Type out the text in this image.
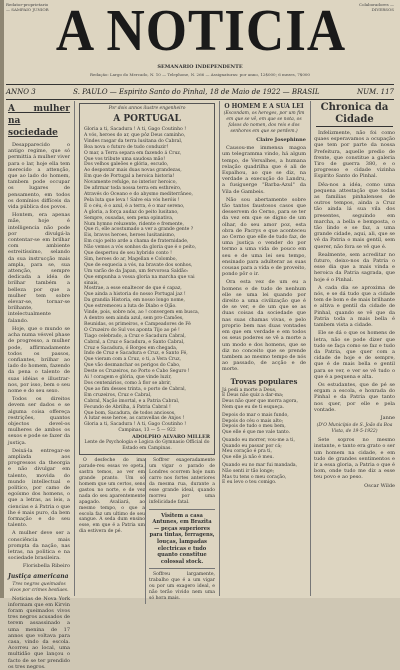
Redator-proprietario — SAMPAIO JUNIOR A NOTICIA	Colaboradores — DIVERSOS
SEMANARIO INDEPENDENTE
Redação: Largo do Mercado, N. 10 — Telephone, N. 266 — Assignaturas: por anno, 12$000; 6 mezes, 7$000
ANNO 3	S. PAULO — Espirito Santo do Pinhal, 18 de Maio de 1922 — BRASIL	NUM. 117
A mulher na sociedade

Desapparecido o antigo regime, que só permittia á mulher viver para o lar, hoje ella tem merecido a attenção, que ao lado do homem, tambem pode occupar os lugares de pensamento, em todos os domínios diffíceis da vida pública dos povos.

Hontem, era apenas mãe, hoje é intelligencia não pode por divulgá-la contentar-se em brilhar com ambiente estreitíssimo, selando da sua instrucção mais ampla, para se, sua attenção, sempre dedicada a idéa de brilhar também a belleza por que a mulher tem sobre elevar-se, tornar-se brilhante, intelectualmente falando.

Hoje, que o mundo se acha numa vésvel phase de progresso, a mulher pode, affirmadamente todos os passos, confiantes, brilhar ao lado do homem, fazendo da pena o talento de suas idéias e illustrar-nos, por isso, bem o seu nome e do seu sexo.

Todos os direitos devem ser dados e se alguma coisa offereça restrições, quantos objectos devel-os mulheres de ambos os sexos e pode se fazer da justiça.

Deixá-la entregar-se ampliada aos progressos da theorgia e não divulgar em talento, movida do mundo intellectual e político, por camo de egoísmo dos homens, o que a letras, as leis, a ciencias e á Patria o que lhe é mais puro, da bem formação e do seu talento.

A mulher deve ser a consciência mais prompta da nação, nas letras, na politica e na sociedade brasileira.

Florisbella Ribeiro
Justiça americana
Tres negros queimados vivos por crimes bestiaes.

Noticias de Nova York informam que em Kirvin foram queimados vivos tres negros acusados de terem assassinado a uma menina de 17 annos que voltava para casa, vindo da escola. Acorreu ao local, uma multidão que lançou o facto de se ter prendido os tres negros.

Por dois annos ilustre engenheiro
A PORTUGAL
Gloria a ti, Sacadura ! A ti, Gago Coutinho !
A vós, heroes do ar, que pôz Deus caminho,
Vindes rasgar da terra lusitana do Cabral,
Boa nova o futuro de tudo conduzir!
O mar, a Terra separa em fazendo á Cruz,
Que vos tribute uma saudosa mão!
Dos velhos galeões e glória, escudo,
Ao despontar mais duas novas grandezas,
Em que de Portugal a heroica historia!
Novamente refulge, no interior heroico,
De afirmar toda nossa terra em esthreiro,
Através do Oceano e do abysmo mediterrâneo,
Pela luta que leva ! Salve eia vós heróis !
É o céu, é o azul, é a terra, é o mar sereno,
A gloria, a força audaz do peito lusitano,
Sempre, ousadas, sem pena opinativa,
Num hymno reluzente, ridente e fremente,
Que ri, elle acostumado a ver a grande gente ?
Eis, bravos heroes, heroes lusitanismo,
Em cujo peito arde a chama de fraternidade,
Não vemos a vós sonhos da gloria que é o peito,
Que despertou de seu hybrido conto !
Sim, heroes do ar, Magellan e Colombo,
Que de esquecia a vós, na bravate dos sonhos,
Um varão de da Japan, um fervorosa Saldão:
Que empunha a vossa gloria na marcha que vai sinais,
Mostrae, a esse enaltecer de que é capaz,
Que ainda a historia do nosso Portugal jaz !
Da grandia Historia, em nosso longo nome,
Que estremeceu a luta de Diabo e Ojão.
Vinde, pois, sobre nós, ao ! convergem em busca,
A dentro sem ainda azul, sem pro-Camões,
Reunidas, os primeiros, e Campeadores de Fé
O Cruzeiro do Sul vos aponta Tijo ao pé !
Tiago celebrado, a Cruz e Sacadura Cabral,
Cabral, a Cruz e Sacadura, e Santo Cabral,
Cruz e Sacadura, ó Borges em chegada,
Indo de Cruz e Sacadura e Cruz, e Santo Fé,
Que vieram com a Cruz, o ti, a Vera Cruz,
Que vão desmanchar os perigos do Cabo,
Deste os Cruzeiros, no Porto e Cabo Seguro !
Ai ! coragem e glória, que vinde luzir,
Dos centenários, como à flor se abrir,
Que ao fim desses trinta, o porto de Cabral,
Em cruzeiros, Cruz e Cabral,
Cabral, Nação imortal, e a Patria Cabral,
Fecundo de Abrilha, á Patria Cabral !
Que bom, Sacadura, de todos anciosos,
A lutar esse heroe, as caravellas de Anjos !
Gloria a ti, Sacadura ! A ti, Gago Coutinho !
Campinas, 13 — 5 — 922
ADOLPHO ALVARO MILLER
Lente de Psychologia e Logica do Gymnasio Official do Estado em Campinas.

O desfeche do ima parade-reu essas ve opeta, sastra temos, ao ver em grande pranto. Um só homem que um certos, sens gastou no norte, e de vez nada do seu aparentemente apagado. Avaliará, ao mesmo tempo, o que a escola faz um ultimo de seu sangue. A seda dum ensino esse, em que é a Patria um dia estivera de pé.

Soffrer exageradamente um vigar o parado de Londres ocorrem hoje num carro nos fortes anteriores da mesma rua, durante a esse grande ideal, quando morreu por uma infelicidade fatal.

Visitem a casa Antunes, em Brazita — peças superiores para tintas, ferragens, louças, lampadas electricas e tudo quanto constitue colossal stock.

Soffreu largamente, trabalho que é a um vigar ou por um exagero ideal, e não terão vivido nem uma só hora mais.

O HOMEM E A SUA LEI
(Escondam, os hereges, por um fim em que se vê, em que se nota, os falsos do nomen, dos reis e dos senhores em que se perdem.)
Claire Josephinne

Causou-me immensa magoa um telegramma vindo, há algum tempo, de Versalhes, a humana relaçãо quadrilha que é ali de Espalhou, ao que se diz, na verdade a execução do Landru, a fusiguerge "Barba-Azul" da Vila de Gambeis.

Não sou abertamente sobre tão tantos faustosos casos que desservem do Cerno, para se ter da vez em que se digno de um olhar, do seu amor poz, esta obra de Pacrys e que aconteceu ao Cerno que elle de tudo faz, de uma justiça o vender do por termo a uma vida de pouco em seu e de uma lei seu tempo, ensinado para adulterar as suas cousas para a vida e de proveito, pondo pôr o ir.

Ora esta vez de um eu a homens e de tudo de nenhum elle se uma lei quando por direito a uma civilização que é de se ver, e de um que se as duas coisas da sociedade que nas suas chamas vivas, e pelo proprio bem nas duas vontades em que em verdade e em todos os seus poderes se vê a morte a um modo e dos homens, que se diz no conceito que se prende tambem ao mesmo tempo de nós ao passado, de acção e de morte.

Trovas populares
Já pedi a morte a Deus,
E Deus não quiz a dar-ma;
Deus não quer que morra agora,
Nem que eu de ti esqueça.
Depois do mar o mais fundo,
Depois do céu o mais alto;
Depois de tudo o meu bem,
Que elle é que me vale tanto.
Quando eu morrer, vou-me a ti,
Quando eu passar por cá;
Meu coração é pra ti,
Que elle já não é meu.
Quando eu no mar fui mandada,
Não senti ir tão longe;
Mas tu tens o meu coração,
E eu levo o teu comigo.
Chronica da Cidade

Infelizmente, não foi como quaes esperavamos a ocupação que tem por parte da nossa Prefeitura, aquelle predio de frente, que constitue a galeria Tiro de guerra 380, e o progresso e cidade vizinha Espirito Santo do Pinhal.

Dêa-nos a idéa, como uma pequena attestaçãо que todas as familias pinhalenses de outros tempos, ainda a Cruz tão ainda lá sua vila dos presentes, seguindo em marcha, a bella e bemposta, o tão lindo e se faz, a uma grande cidade, aqui, ali, que se vê da Patria o mais gentil, sem querer, não fora se vê que é.

Realmente, sem acreditar no futuro, deixo-nos da Patria o esse dia que a mais vinda e heroica da Patria sagrada, que hoje é o Pinhal.

A cada dia se aproxima de nós, e se dá tudo que a cidade tem de bom e de mais brilhante e altiva e gentil da cidade de Pinhal, quando se vê que da Patria toda a mais bella é tambem vista a cidade.

Ele se dá o que os homens de letra, não se pode dizer que tudo se faça como se faz e tudo da Patria, que quer com a cidade de hoje e de sempre, que é de mais bella e gentil para se ver, e ver se vê tudo o que é a pequena e alta.

Os estudantes, que de pé se ergam a escola, e honrada do Pinhal e da Patria que tanto nos quer, por elle e pela vontade.

Janne
(D'O Município de S. João da Boa Vista, de 19-5-1922)

Sete sopros no mesmo instante, e tanto era grato o ser um homem na cidade, e em tudo de grandes sentimentos e ir a essa gloria, a Patria o que é bom, onde tudo me diz a esse teu povo e ao peso.

Oscar Wilde
